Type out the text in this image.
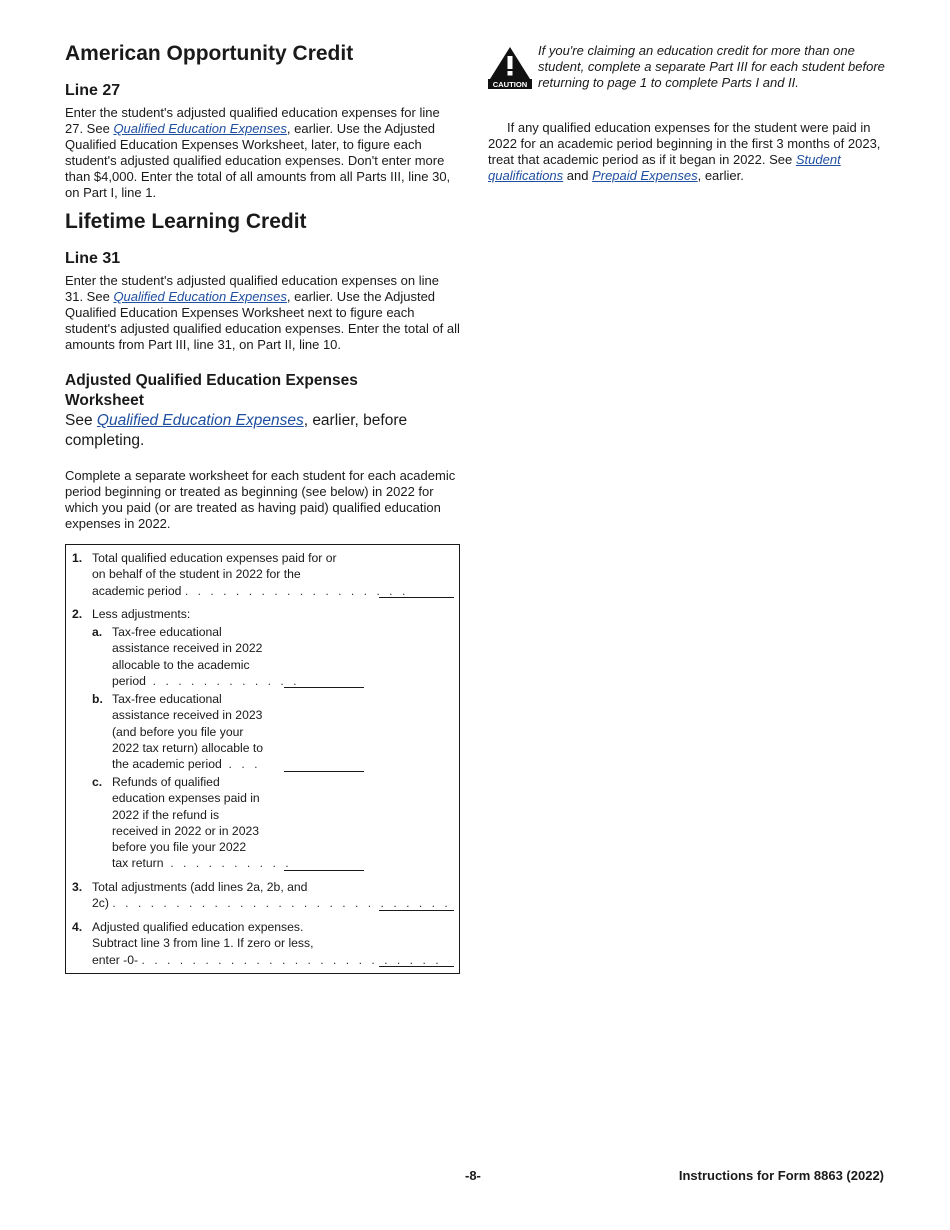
American Opportunity Credit
Line 27

Enter the student's adjusted qualified education expenses for line 27. See Qualified Education Expenses, earlier. Use the Adjusted Qualified Education Expenses Worksheet, later, to figure each student's adjusted qualified education expenses. Don't enter more than $4,000. Enter the total of all amounts from all Parts III, line 30, on Part I, line 1.

Lifetime Learning Credit
Line 31

Enter the student's adjusted qualified education expenses on line 31. See Qualified Education Expenses, earlier. Use the Adjusted Qualified Education Expenses Worksheet next to figure each student's adjusted qualified education expenses. Enter the total of all amounts from Part III, line 31, on Part II, line 10.

Adjusted Qualified Education Expenses
Worksheet

See Qualified Education Expenses, earlier, before completing.

Complete a separate worksheet for each student for each academic period beginning or treated as beginning (see below) in 2022 for which you paid (or are treated as having paid) qualified education expenses in 2022.

1. Total qualified education expenses paid for or
on behalf of the student in 2022 for the
academic period . . . . . . . . . . . . . . . . . .
2. Less adjustments:
a. Tax-free educational
assistance received in 2022
allocable to the academic
period . . . . . . . . . . . .
b. Tax-free educational
assistance received in 2023
(and before you file your
2022 tax return) allocable to
the academic period . . .
c. Refunds of qualified
education expenses paid in
2022 if the refund is
received in 2022 or in 2023
before you file your 2022
tax return . . . . . . . . . .
3. Total adjustments (add lines 2a, 2b, and
2c) . . . . . . . . . . . . . . . . . . . . . . . . . . .
4. Adjusted qualified education expenses.
Subtract line 3 from line 1. If zero or less,
enter -0- . . . . . . . . . . . . . . . . . . . . . . . .
CAUTION
If you're claiming an education credit for more than one student, complete a separate Part III for each student before returning to page 1 to complete Parts I and II.

If any qualified education expenses for the student were paid in 2022 for an academic period beginning in the first 3 months of 2023, treat that academic period as if it began in 2022. See Student qualifications and Prepaid Expenses, earlier.

-8-	Instructions for Form 8863 (2022)
